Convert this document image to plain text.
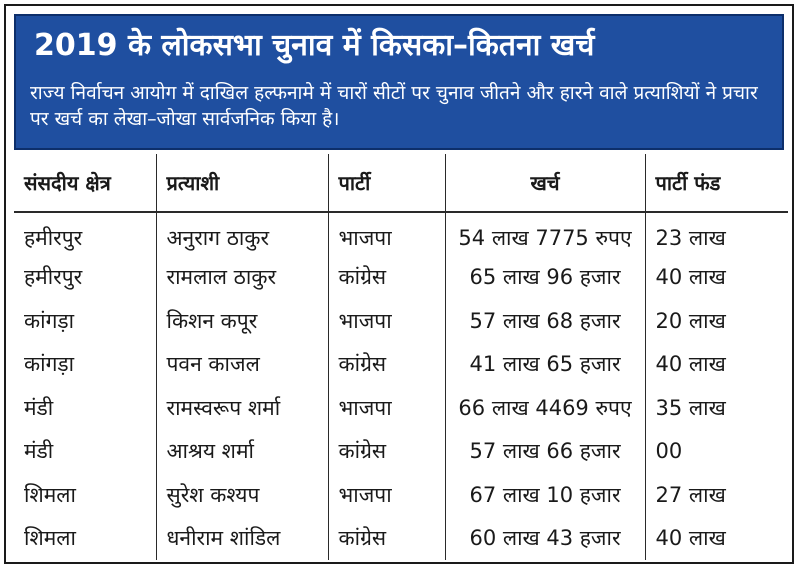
2019 के लोकसभा चुनाव में किसका–कितना खर्च
राज्य निर्वाचन आयोग में दाखिल हल्फनामे में चारों सीटों पर चुनाव जीतने और हारने वाले प्रत्याशियों ने प्रचार पर खर्च का लेखा–जोखा सार्वजनिक किया है।
संसदीय क्षेत्र	प्रत्याशी	पार्टी	खर्च	पार्टी फंड
हमीरपुर	अनुराग ठाकुर	भाजपा	54 लाख 7775 रुपए	23 लाख
हमीरपुर	रामलाल ठाकुर	कांग्रेस	65 लाख 96 हजार	40 लाख
कांगड़ा	किशन कपूर	भाजपा	57 लाख 68 हजार	20 लाख
कांगड़ा	पवन काजल	कांग्रेस	41 लाख 65 हजार	40 लाख
मंडी	रामस्वरूप शर्मा	भाजपा	66 लाख 4469 रुपए	35 लाख
मंडी	आश्रय शर्मा	कांग्रेस	57 लाख 66 हजार	00
शिमला	सुरेश कश्यप	भाजपा	67 लाख 10 हजार	27 लाख
शिमला	धनीराम शांडिल	कांग्रेस	60 लाख 43 हजार	40 लाख
